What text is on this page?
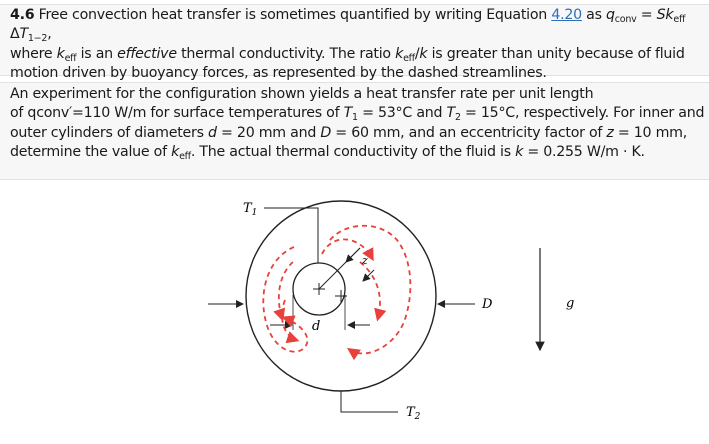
4.6 Free convection heat transfer is sometimes quantified by writing Equation 4.20 as $q_{conv} = Sk_{eff}$ $\Delta T_{1-2}$,
where $k_{eff}$ is an effective thermal conductivity. The ratio $k_{eff}/k$ is greater than unity because of fluid
motion driven by buoyancy forces, as represented by the dashed streamlines.
An experiment for the configuration shown yields a heat transfer rate per unit length
of qconv′=110 W/m for surface temperatures of $T_1 = 53^\circ C$ and $T_2 = 15^\circ C$, respectively. For inner and
outer cylinders of diameters d = 20 mm and D = 60 mm, and an eccentricity factor of z = 10 mm,
determine the value of $k_{eff}$. The actual thermal conductivity of the fluid is k = 0.255 W/m · K.
$T_1$
$T_2$
d
D
z
g
